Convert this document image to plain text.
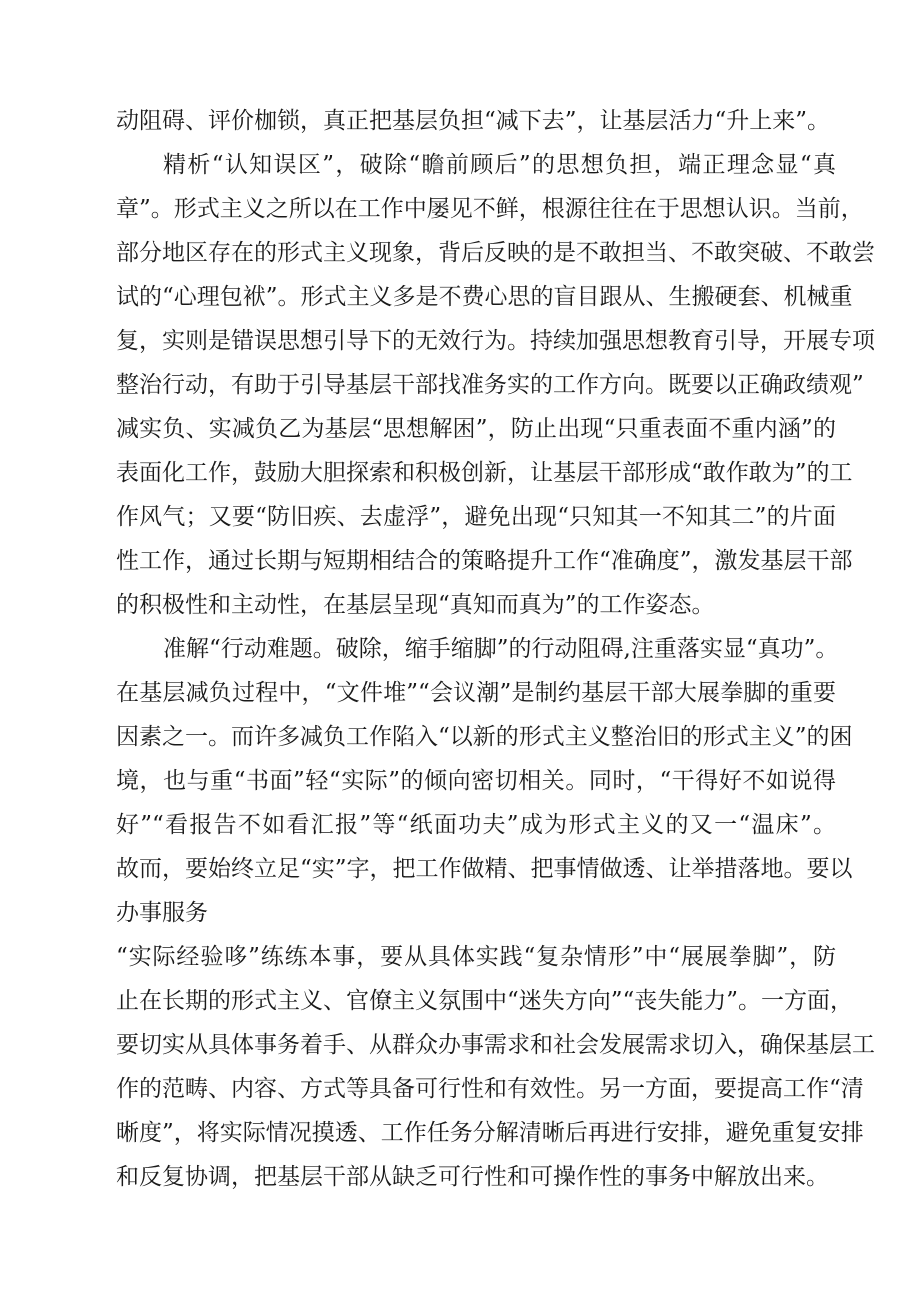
动阻碍、评价枷锁，真正把基层负担“减下去”，让基层活力“升上来”。
精析“认知误区”，破除“瞻前顾后”的思想负担，端正理念显“真
章”。形式主义之所以在工作中屡见不鲜，根源往往在于思想认识。当前，
部分地区存在的形式主义现象，背后反映的是不敢担当、不敢突破、不敢尝
试的“心理包袱”。形式主义多是不费心思的盲目跟从、生搬硬套、机械重
复，实则是错误思想引导下的无效行为。持续加强思想教育引导，开展专项
整治行动，有助于引导基层干部找准务实的工作方向。既要以正确政绩观”
减实负、实减负乙为基层“思想解困”，防止出现“只重表面不重内涵”的
表面化工作，鼓励大胆探索和积极创新，让基层干部形成“敢作敢为”的工
作风气；又要“防旧疾、去虚浮”，避免出现“只知其一不知其二”的片面
性工作，通过长期与短期相结合的策略提升工作“准确度”，激发基层干部
的积极性和主动性，在基层呈现“真知而真为”的工作姿态。
准解“行动难题。破除，缩手缩脚”的行动阻碍,注重落实显“真功”。
在基层减负过程中，“文件堆”“会议潮”是制约基层干部大展拳脚的重要
因素之一。而许多减负工作陷入“以新的形式主义整治旧的形式主义”的困
境，也与重“书面”轻“实际”的倾向密切相关。同时，“干得好不如说得
好”“看报告不如看汇报”等“纸面功夫”成为形式主义的又一“温床”。
故而，要始终立足“实”字，把工作做精、把事情做透、让举措落地。要以
办事服务
“实际经验哆”练练本事，要从具体实践“复杂情形”中“展展拳脚”，防
止在长期的形式主义、官僚主义氛围中“迷失方向”“丧失能力”。一方面，
要切实从具体事务着手、从群众办事需求和社会发展需求切入，确保基层工
作的范畴、内容、方式等具备可行性和有效性。另一方面，要提高工作“清
晰度”，将实际情况摸透、工作任务分解清晰后再进行安排，避免重复安排
和反复协调，把基层干部从缺乏可行性和可操作性的事务中解放出来。
